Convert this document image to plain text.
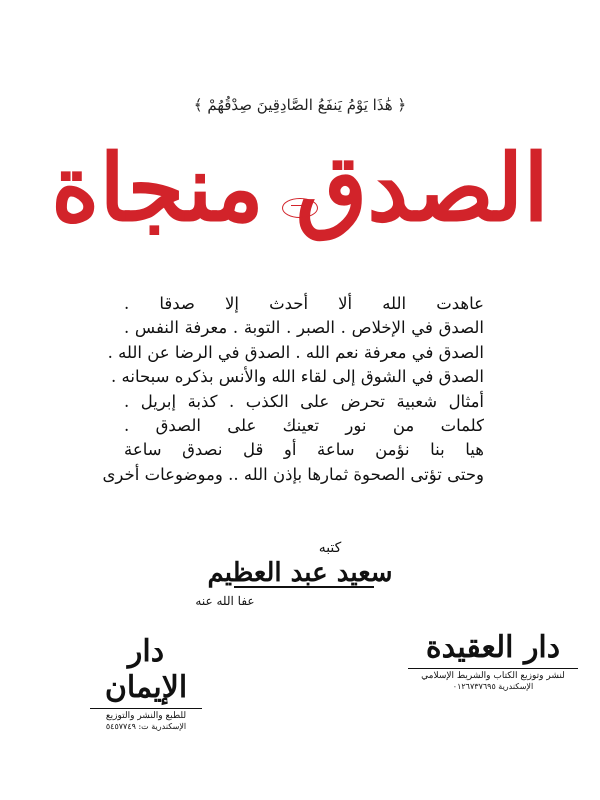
﴿ هَٰذَا يَوْمُ يَنفَعُ الصَّادِقِينَ صِدْقُهُمْ ﴾
الصدق منجاة
عاهدت الله ألا أحدث إلا صدقا .
الصدق في الإخلاص . الصبر . التوبة . معرفة النفس .
الصدق في معرفة نعم الله . الصدق في الرضا عن الله .
الصدق في الشوق إلى لقاء الله والأنس بذكره سبحانه .
أمثال شعبية تحرض على الكذب . كذبة إبريل .
كلمات من نور تعينك على الصدق .
هيا بنا نؤمن ساعة أو قل نصدق ساعة
وحتى تؤتى الصحوة ثمارها بإذن الله .. وموضوعات أخرى
كتبه
سعيد عبد العظيم
عفا الله عنه
دار العقيدة
لنشر وتوزيع الكتاب والشريط الإسلامي
الإسكندرية ٠١٢٦٧٣٧٦٩٥
دار الإيمان
للطبع والنشر والتوزيع
الإسكندرية ت: ٥٤٥٧٧٤٩
